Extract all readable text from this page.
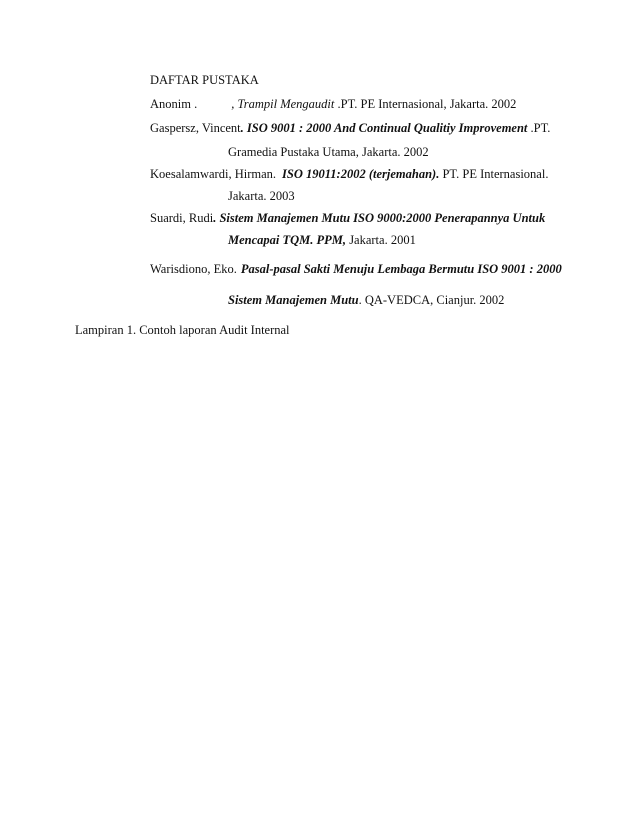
DAFTAR PUSTAKA
Anonim .	, Trampil Mengaudit .PT. PE Internasional, Jakarta. 2002
Gaspersz, Vincent. ISO 9001 : 2000 And Continual Qualitiy Improvement .PT.
Gramedia Pustaka Utama, Jakarta. 2002
Koesalamwardi, Hirman. ISO 19011:2002 (terjemahan). PT. PE Internasional.
Jakarta. 2003
Suardi, Rudi. Sistem Manajemen Mutu ISO 9000:2000 Penerapannya Untuk
Mencapai TQM. PPM, Jakarta. 2001
Warisdiono, Eko. Pasal-pasal Sakti Menuju Lembaga Bermutu ISO 9001 : 2000
Sistem Manajemen Mutu. QA-VEDCA, Cianjur. 2002
Lampiran 1. Contoh laporan Audit Internal
